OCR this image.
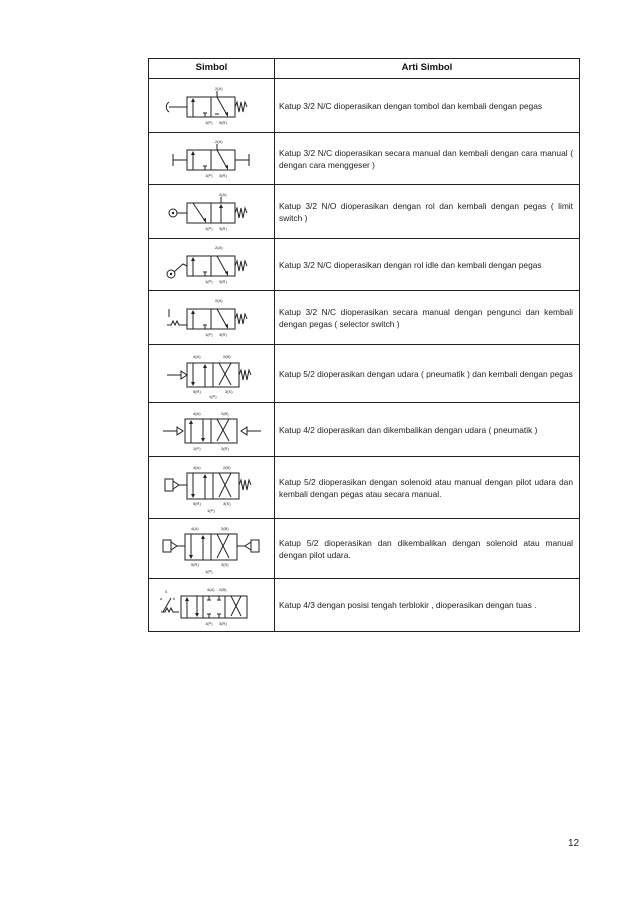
Simbol	Arti Simbol
2(A)
1(P) 3(R)
Katup 3/2 N/C dioperasikan dengan tombol dan kembali dengan pegas
2(A)
1(P) 3(R)
Katup 3/2 N/C dioperasikan secara manual dan kembali dengan cara manual ( dengan cara menggeser )
2(A)
1(P) 3(R)
Katup 3/2 N/O dioperasikan dengan rol dan kembali dengan pegas ( limit switch )
2(A)
1(P) 3(R)
Katup 3/2 N/C dioperasikan dengan rol idle dan kembali dengan pegas
2(A)
1(P) 3(R)
Katup 3/2 N/C dioperasikan secara manual dengan pengunci dan kembali dengan pegas ( selector switch )
4(A)	2(B)
5(R)	3(S)
1(P)
Katup 5/2 dioperasikan dengan udara ( pneumatik ) dan kembali dengan pegas
4(A)	2(B)
1(P)	3(R)
Katup 4/2 dioperasikan dan dikembalikan dengan udara ( pneumatik )
4(A)	2(B)
5(R)	3(S)
1(P)
Katup 5/2 dioperasikan dengan solenoid atau manual dengan pilot udara dan kembali dengan pegas atau secara manual.
4(A)	2(B)
5(R)	3(S)
1(P)
Katup 5/2 dioperasikan dan dikembalikan dengan solenoid atau manual dengan pilot udara.
0
a	b
4(A) 2(B)
1(P) 3(R)
Katup 4/3 dengan posisi tengah terblokir , dioperasikan dengan tuas .
12
